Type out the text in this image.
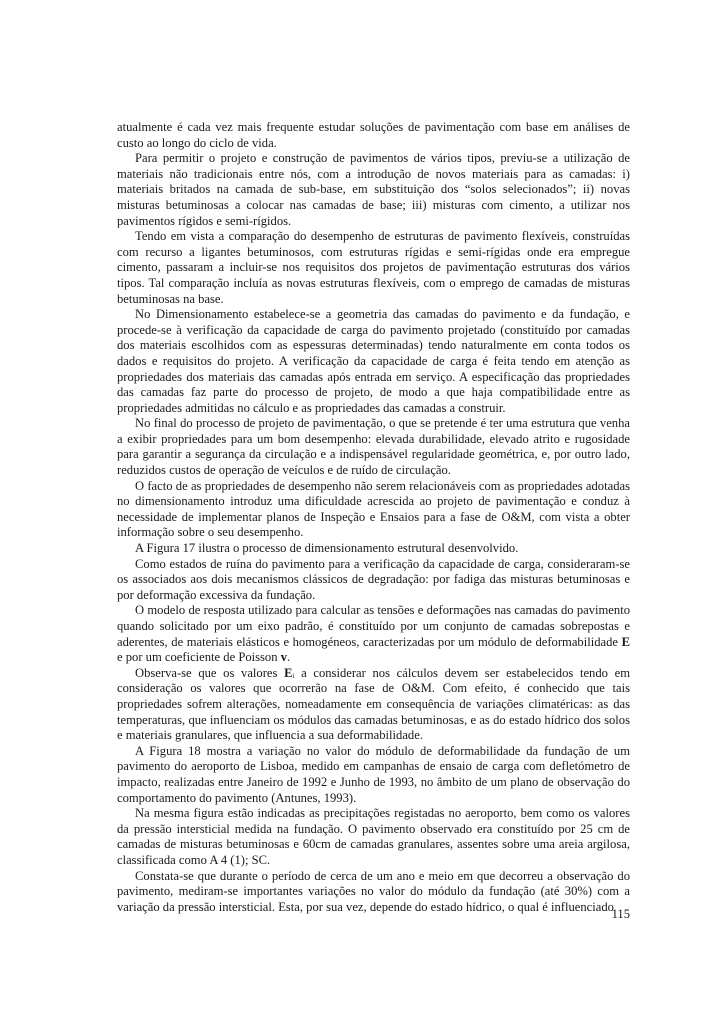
atualmente é cada vez mais frequente estudar soluções de pavimentação com base em análises de custo ao longo do ciclo de vida.

Para permitir o projeto e construção de pavimentos de vários tipos, previu-se a utilização de materiais não tradicionais entre nós, com a introdução de novos materiais para as camadas: i) materiais britados na camada de sub-base, em substituição dos “solos selecionados”; ii) novas misturas betuminosas a colocar nas camadas de base; iii) misturas com cimento, a utilizar nos pavimentos rígidos e semi-rígidos.

Tendo em vista a comparação do desempenho de estruturas de pavimento flexíveis, construídas com recurso a ligantes betuminosos, com estruturas rígidas e semi-rígidas onde era empregue cimento, passaram a incluir-se nos requisitos dos projetos de pavimentação estruturas dos vários tipos. Tal comparação incluía as novas estruturas flexíveis, com o emprego de camadas de misturas betuminosas na base.

No Dimensionamento estabelece-se a geometria das camadas do pavimento e da fundação, e procede-se à verificação da capacidade de carga do pavimento projetado (constituído por camadas dos materiais escolhidos com as espessuras determinadas) tendo naturalmente em conta todos os dados e requisitos do projeto. A verificação da capacidade de carga é feita tendo em atenção as propriedades dos materiais das camadas após entrada em serviço. A especificação das propriedades das camadas faz parte do processo de projeto, de modo a que haja compatibilidade entre as propriedades admitidas no cálculo e as propriedades das camadas a construir.

No final do processo de projeto de pavimentação, o que se pretende é ter uma estrutura que venha a exibir propriedades para um bom desempenho: elevada durabilidade, elevado atrito e rugosidade para garantir a segurança da circulação e a indispensável regularidade geométrica, e, por outro lado, reduzidos custos de operação de veículos e de ruído de circulação.

O facto de as propriedades de desempenho não serem relacionáveis com as propriedades adotadas no dimensionamento introduz uma dificuldade acrescida ao projeto de pavimentação e conduz à necessidade de implementar planos de Inspeção e Ensaios para a fase de O&M, com vista a obter informação sobre o seu desempenho.

A Figura 17 ilustra o processo de dimensionamento estrutural desenvolvido.

Como estados de ruína do pavimento para a verificação da capacidade de carga, consideraram-se os associados aos dois mecanismos clássicos de degradação: por fadiga das misturas betuminosas e por deformação excessiva da fundação.

O modelo de resposta utilizado para calcular as tensões e deformações nas camadas do pavimento quando solicitado por um eixo padrão, é constituído por um conjunto de camadas sobrepostas e aderentes, de materiais elásticos e homogéneos, caracterizadas por um módulo de deformabilidade E e por um coeficiente de Poisson v.

Observa-se que os valores $E_i$ a considerar nos cálculos devem ser estabelecidos tendo em consideração os valores que ocorrerão na fase de O&M. Com efeito, é conhecido que tais propriedades sofrem alterações, nomeadamente em consequência de variações climatéricas: as das temperaturas, que influenciam os módulos das camadas betuminosas, e as do estado hídrico dos solos e materiais granulares, que influencia a sua deformabilidade.

A Figura 18 mostra a variação no valor do módulo de deformabilidade da fundação de um pavimento do aeroporto de Lisboa, medido em campanhas de ensaio de carga com defletómetro de impacto, realizadas entre Janeiro de 1992 e Junho de 1993, no âmbito de um plano de observação do comportamento do pavimento (Antunes, 1993).

Na mesma figura estão indicadas as precipitações registadas no aeroporto, bem como os valores da pressão intersticial medida na fundação. O pavimento observado era constituído por 25 cm de camadas de misturas betuminosas e 60cm de camadas granulares, assentes sobre uma areia argilosa, classificada como A 4 (1); SC.

Constata-se que durante o período de cerca de um ano e meio em que decorreu a observação do pavimento, mediram-se importantes variações no valor do módulo da fundação (até 30%) com a variação da pressão intersticial. Esta, por sua vez, depende do estado hídrico, o qual é influenciado

115
